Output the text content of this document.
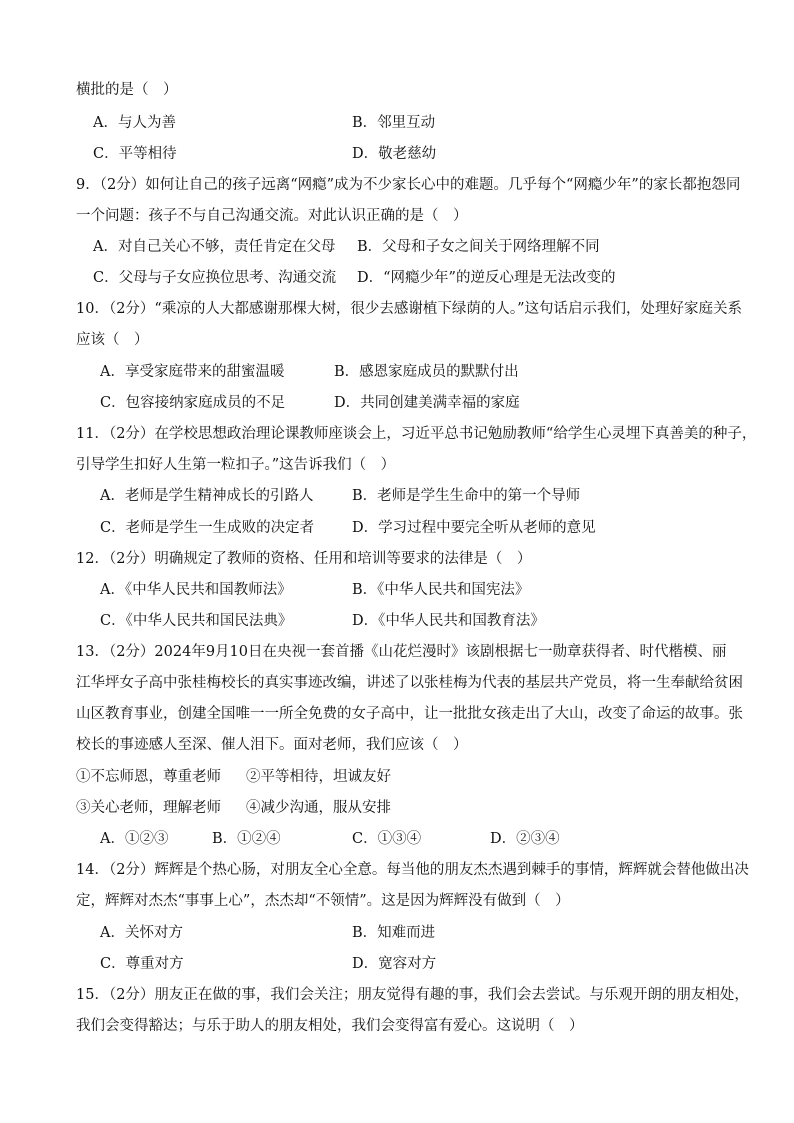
横批的是（　）
A．与人为善	B．邻里互动
C．平等相待	D．敬老慈幼
9．（2分）如何让自己的孩子远离“网瘾”成为不少家长心中的难题。几乎每个“网瘾少年”的家长都抱怨同
一个问题：孩子不与自己沟通交流。对此认识正确的是（　）
A．对自己关心不够，责任肯定在父母 B．父母和子女之间关于网络理解不同
C．父母与子女应换位思考、沟通交流 D．“网瘾少年”的逆反心理是无法改变的
10．（2分）“乘凉的人大都感谢那棵大树，很少去感谢植下绿荫的人。”这句话启示我们，处理好家庭关系
应该（　）
A．享受家庭带来的甜蜜温暖	B．感恩家庭成员的默默付出
C．包容接纳家庭成员的不足	D．共同创建美满幸福的家庭
11．（2分）在学校思想政治理论课教师座谈会上，习近平总书记勉励教师“给学生心灵埋下真善美的种子，
引导学生扣好人生第一粒扣子。”这告诉我们（　）
A．老师是学生精神成长的引路人	B．老师是学生生命中的第一个导师
C．老师是学生一生成败的决定者	D．学习过程中要完全听从老师的意见
12．（2分）明确规定了教师的资格、任用和培训等要求的法律是（　）
A．《中华人民共和国教师法》	B．《中华人民共和国宪法》
C．《中华人民共和国民法典》	D．《中华人民共和国教育法》
13．（2分）2024年9月10日在央视一套首播《山花烂漫时》该剧根据七一勋章获得者、时代楷模、丽
江华坪女子高中张桂梅校长的真实事迹改编，讲述了以张桂梅为代表的基层共产党员，将一生奉献给贫困
山区教育事业，创建全国唯一一所全免费的女子高中，让一批批女孩走出了大山，改变了命运的故事。张
校长的事迹感人至深、催人泪下。面对老师，我们应该（　）
①不忘师恩，尊重老师 ②平等相待，坦诚友好
③关心老师，理解老师 ④减少沟通，服从安排
A．①②③	B．①②④	C．①③④	D．②③④
14．（2分）辉辉是个热心肠，对朋友全心全意。每当他的朋友杰杰遇到棘手的事情，辉辉就会替他做出决
定，辉辉对杰杰“事事上心”，杰杰却“不领情”。这是因为辉辉没有做到（　）
A．关怀对方	B．知难而进
C．尊重对方	D．宽容对方
15．（2分）朋友正在做的事，我们会关注；朋友觉得有趣的事，我们会去尝试。与乐观开朗的朋友相处，
我们会变得豁达；与乐于助人的朋友相处，我们会变得富有爱心。这说明（　）
